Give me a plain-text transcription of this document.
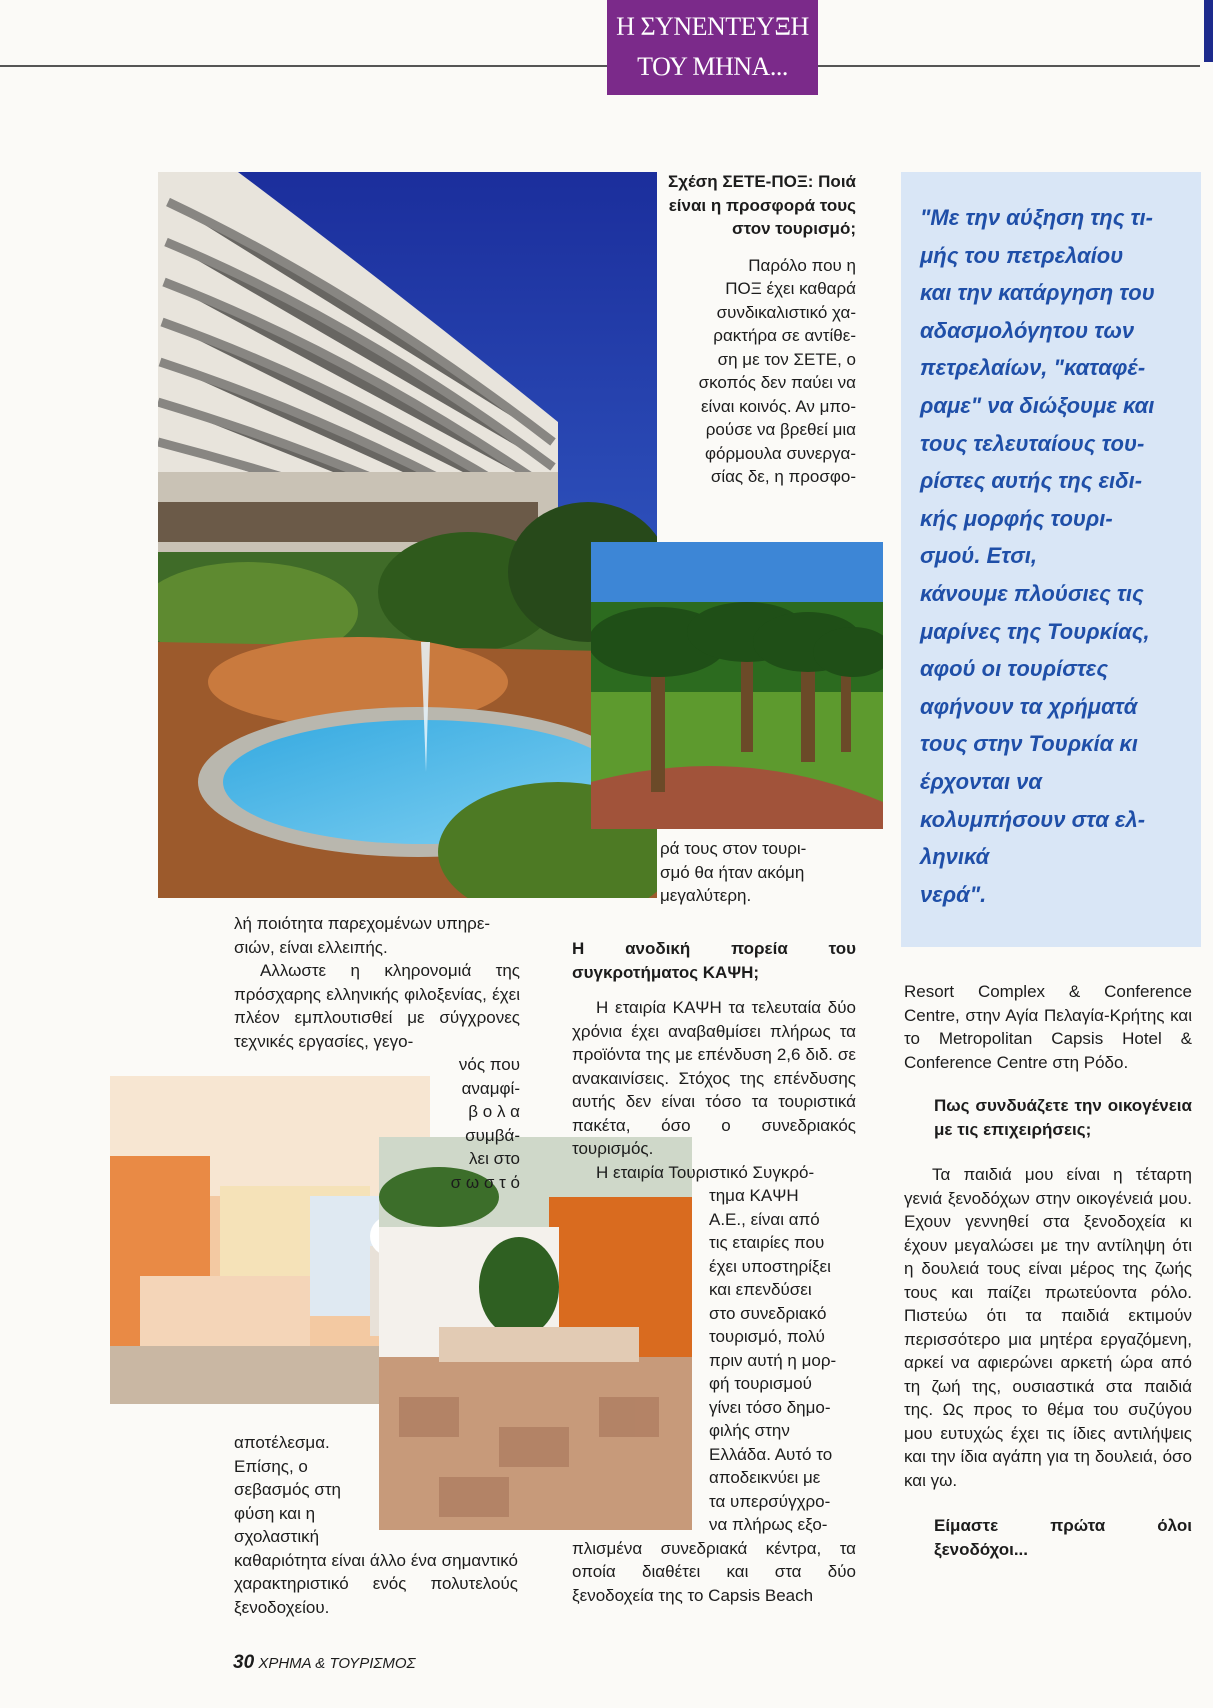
Η ΣΥΝΕΝΤΕΥΞΗ
ΤΟΥ ΜΗΝΑ...

Σχέση ΣΕΤΕ-ΠΟΞ: Ποιά είναι η προσφορά τους στον τουρισμό;

Παρόλο που η
ΠΟΞ έχει καθαρά
συνδικαλιστικό χα-
ρακτήρα σε αντίθε-
ση με τον ΣΕΤΕ, ο
σκοπός δεν παύει να
είναι κοινός. Αν μπο-
ρούσε να βρεθεί μια
φόρμουλα συνεργα-
σίας δε, η προσφο-
ρά τους στον τουρι-
σμό θα ήταν ακόμη
μεγαλύτερη.

Η ανοδική πορεία του συγκροτήματος ΚΑΨΗ;

Η εταιρία ΚΑΨΗ τα τελευταία δύο χρόνια έχει αναβαθμίσει πλήρως τα προϊόντα της με επένδυση 2,6 διδ. σε ανακαινίσεις. Στόχος της επένδυσης αυτής δεν είναι τόσο τα τουριστικά πακέτα, όσο ο συνεδριακός τουρισμός.

Η εταιρία Τουριστικό Συγκρό-

τημα ΚΑΨΗ
Α.Ε., είναι από
τις εταιρίες που
έχει υποστηρίξει
και επενδύσει
στο συνεδριακό
τουρισμό, πολύ
πριν αυτή η μορ-
φή τουρισμού
γίνει τόσο δημο-
φιλής στην
Ελλάδα. Αυτό το
αποδεικνύει με
τα υπερσύγχρο-
να πλήρως εξο-

πλισμένα συνεδριακά κέντρα, τα οποία διαθέτει και στα δύο ξενοδοχεία της το Capsis Beach

λή ποιότητα παρεχομένων υπηρε-
σιών, είναι ελλειπής.

Αλλωστε η κληρονομιά της πρόσχαρης ελληνικής φιλοξενίας, έχει πλέον εμπλουτισθεί με σύγχρονες τεχνικές εργασίες, γεγο-

νός που
αναμφί-
β ο λ α
συμβά-
λει στο
σ ω σ τ ό

αποτέλεσμα.

Επίσης, ο
σεβασμός στη
φύση και η
σχολαστική

καθαριότητα είναι άλλο ένα σημαντικό χαρακτηριστικό ενός πολυτελούς ξενοδοχείου.

"Με την αύξηση της τι-
μής του πετρελαίου
και την κατάργηση του
αδασμολόγητου των
πετρελαίων, "καταφέ-
ραμε" να διώξουμε και
τους τελευταίους του-
ρίστες αυτής της ειδι-
κής μορφής τουρι-
σμού. Ετσι,
κάνουμε πλούσιες τις
μαρίνες της Τουρκίας,
αφού οι τουρίστες
αφήνουν τα χρήματά
τους στην Τουρκία κι
έρχονται να
κολυμπήσουν στα ελ-
ληνικά
νερά".

Resort Complex & Conference Centre, στην Αγία Πελαγία-Κρήτης και το Metropolitan Capsis Hotel & Conference Centre στη Ρόδο.

Πως συνδυάζετε την οικογένεια με τις επιχειρήσεις;

Τα παιδιά μου είναι η τέταρτη γενιά ξενοδόχων στην οικογένειά μου. Εχουν γεννηθεί στα ξενοδοχεία κι έχουν μεγαλώσει με την αντίληψη ότι η δουλειά τους είναι μέρος της ζωής τους και παίζει πρωτεύοντα ρόλο. Πιστεύω ότι τα παιδιά εκτιμούν περισσότερο μια μητέρα εργαζόμενη, αρκεί να αφιερώνει αρκετή ώρα από τη ζωή της, ουσιαστικά στα παιδιά της. Ως προς το θέμα του συζύγου μου ευτυχώς έχει τις ίδιες αντιλήψεις και την ίδια αγάπη για τη δουλειά, όσο και γω.

Είμαστε πρώτα όλοι ξενοδόχοι...

30 ΧΡΗΜΑ & ΤΟΥΡΙΣΜΟΣ
